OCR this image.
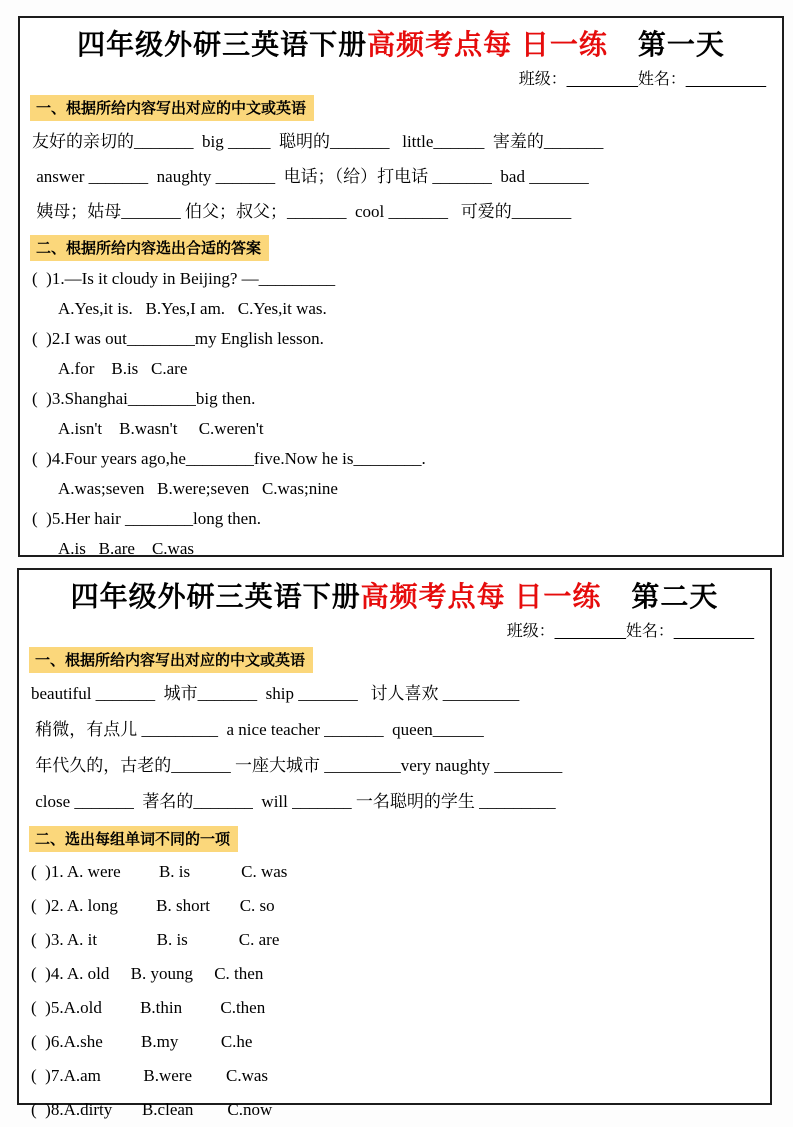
四年级外研三英语下册高频考点每 日一练 第一天
班级：________姓名：_________
一、根据所给内容写出对应的中文或英语
友好的亲切的_______  big _____  聪明的_______   little______  害羞的_______
answer _______  naughty _______  电话；（给）打电话 _______  bad _______
姨母；姑母_______ 伯父；叔父；_______  cool _______   可爱的_______
二、根据所给内容选出合适的答案
(  )1.—Is it cloudy in Beijing? —_________
A.Yes,it is.   B.Yes,I am.   C.Yes,it was.
(  )2.I was out________my English lesson.
A.for    B.is   C.are
(  )3.Shanghai________big then.
A.isn't    B.wasn't     C.weren't
(  )4.Four years ago,he________five.Now he is________.
A.was;seven   B.were;seven   C.was;nine
(  )5.Her hair ________long then.
A.is   B.are    C.was
四年级外研三英语下册高频考点每 日一练 第二天
班级：________姓名：_________
一、根据所给内容写出对应的中文或英语
beautiful _______  城市_______  ship _______   讨人喜欢 _________
稍微，有点儿 _________  a nice teacher _______  queen______
年代久的，古老的_______ 一座大城市 _________very naughty ________
close _______  著名的_______  will _______ 一名聪明的学生 _________
二、选出每组单词不同的一项
(  )1. A. were         B. is            C. was
(  )2. A. long         B. short       C. so
(  )3. A. it              B. is            C. are
(  )4. A. old     B. young     C. then
(  )5.A.old         B.thin         C.then
(  )6.A.she         B.my          C.he
(  )7.A.am          B.were        C.was
(  )8.A.dirty       B.clean        C.now
